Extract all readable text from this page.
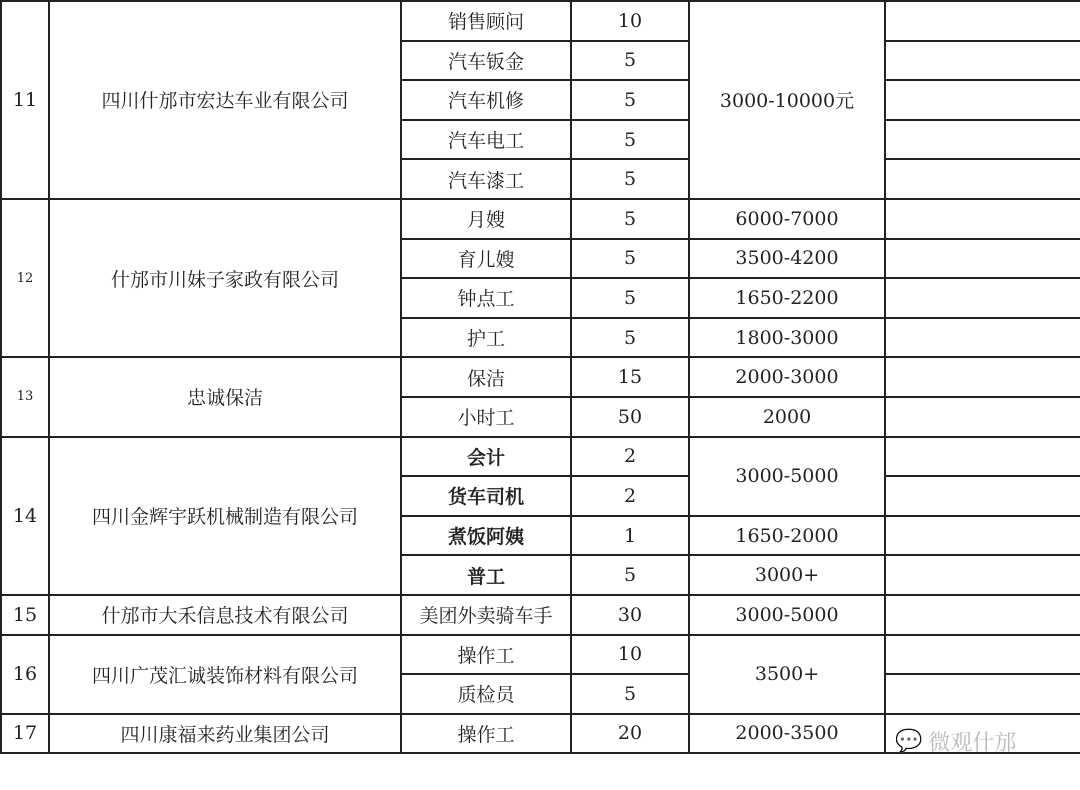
11	四川什邡市宏达车业有限公司	销售顾问	10	3000-10000元	
		汽车钣金	5		
		汽车机修	5		
		汽车电工	5		
		汽车漆工	5		
12	什邡市川妹子家政有限公司	月嫂	5	6000-7000	
		育儿嫂	5	3500-4200	
		钟点工	5	1650-2200	
		护工	5	1800-3000	
13	忠诚保洁	保洁	15	2000-3000	
		小时工	50	2000	
14	四川金辉宇跃机械制造有限公司	会计	2	3000-5000	
		货车司机	2		
		煮饭阿姨	1	1650-2000	
		普工	5	3000+	
15	什邡市大禾信息技术有限公司	美团外卖骑车手	30	3000-5000	
16	四川广茂汇诚装饰材料有限公司	操作工	10	3500+	
		质检员	5		
17	四川康福来药业集团公司	操作工	20	2000-3500		💬 微观什邡
